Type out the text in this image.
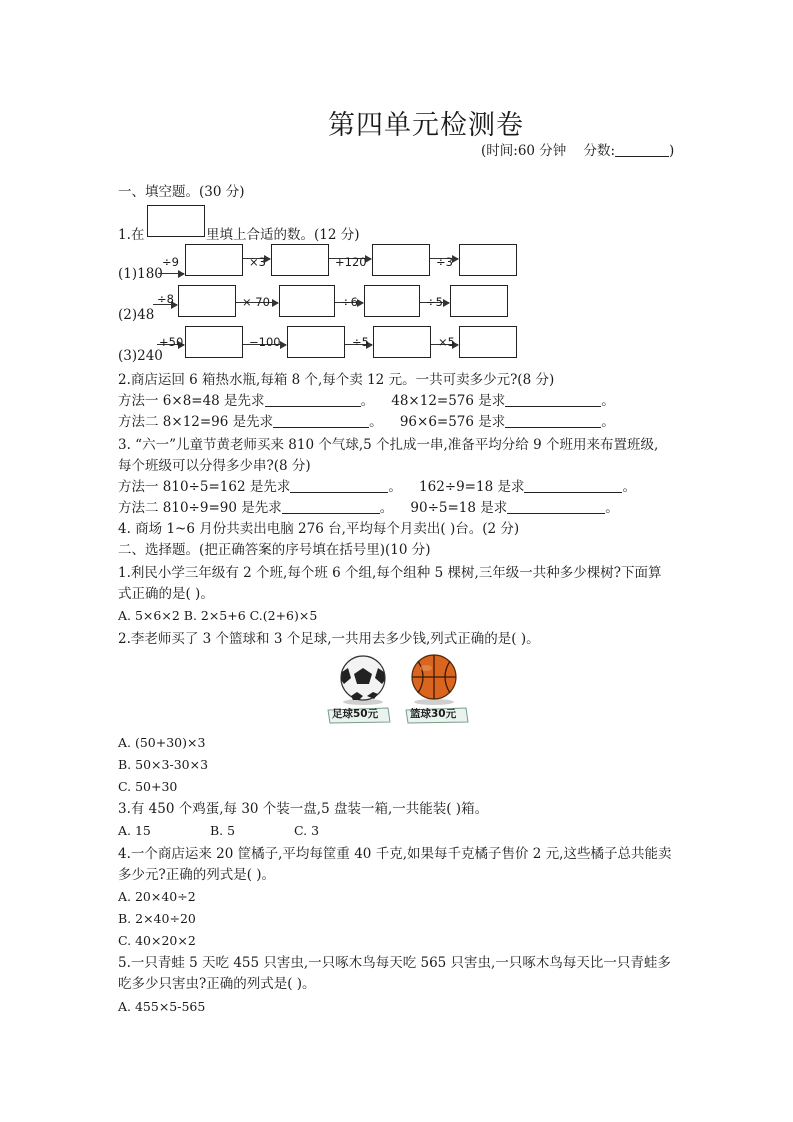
第四单元检测卷
(时间:60 分钟 分数:	)
一、填空题。(30 分)
1.在	里填上合适的数。(12 分)
(1)180
÷9	×3	+120	÷3
(2)48
÷8	× 70	÷6	÷5
(3)240
+50	−100	÷5	×5
2.商店运回 6 箱热水瓶,每箱 8 个,每个卖 12 元。一共可卖多少元?(8 分)
方法一 6×8=48 是先求	。 48×12=576 是求	。
方法二 8×12=96 是先求	。 96×6=576 是求	。
3. “六一”儿童节黄老师买来 810 个气球,5 个扎成一串,准备平均分给 9 个班用来布置班级,
每个班级可以分得多少串?(8 分)
方法一 810÷5=162 是先求	。 162÷9=18 是求	。
方法二 810÷9=90 是先求	。 90÷5=18 是求	。
4. 商场 1~6 月份共卖出电脑 276 台,平均每个月卖出( )台。(2 分)
二、选择题。(把正确答案的序号填在括号里)(10 分)
1.利民小学三年级有 2 个班,每个班 6 个组,每个组种 5 棵树,三年级一共种多少棵树?下面算
式正确的是( )。
A. 5×6×2 B. 2×5+6 C.(2+6)×5
2.李老师买了 3 个篮球和 3 个足球,一共用去多少钱,列式正确的是( )。
足球50元	篮球30元
A. (50+30)×3
B. 50×3-30×3
C. 50+30
3.有 450 个鸡蛋,每 30 个装一盘,5 盘装一箱,一共能装( )箱。
A. 15	B. 5	C. 3
4.一个商店运来 20 筐橘子,平均每筐重 40 千克,如果每千克橘子售价 2 元,这些橘子总共能卖
多少元?正确的列式是( )。
A. 20×40÷2
B. 2×40÷20
C. 40×20×2
5.一只青蛙 5 天吃 455 只害虫,一只啄木鸟每天吃 565 只害虫,一只啄木鸟每天比一只青蛙多
吃多少只害虫?正确的列式是( )。
A. 455×5-565
